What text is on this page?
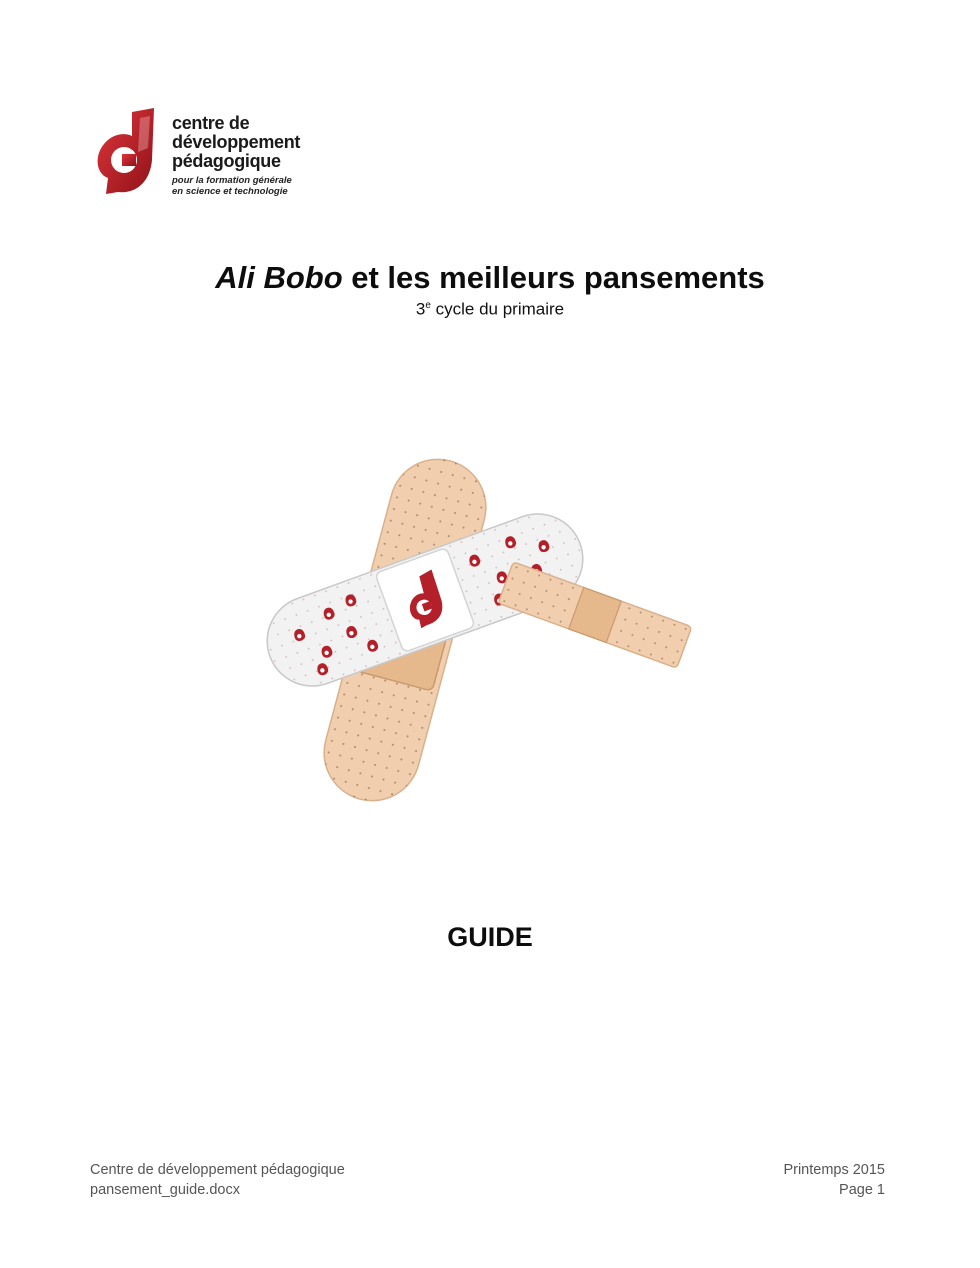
centre de
développement
pédagogique
pour la formation générale
en science et technologie
Ali Bobo et les meilleurs pansements
3e cycle du primaire
GUIDE
Centre de développement pédagogique
pansement_guide.docx
Printemps 2015
Page 1
